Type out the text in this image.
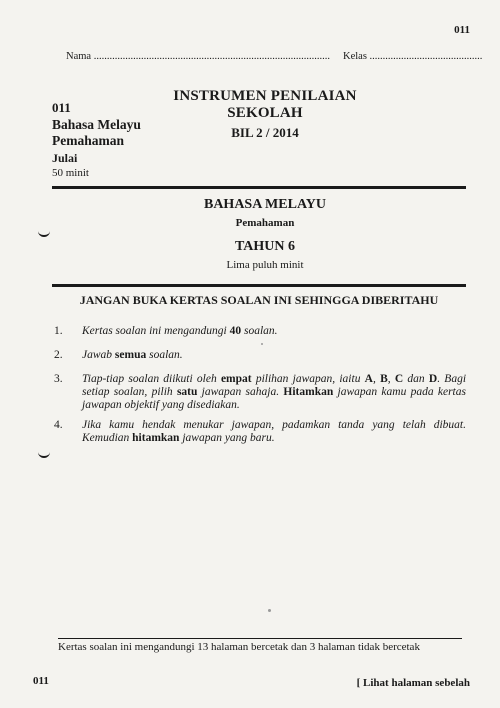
011
Nama .......................................................................................... Kelas ...........................................
011
Bahasa Melayu
Pemahaman
Julai
50 minit
INSTRUMEN PENILAIAN SEKOLAH
BIL 2 / 2014
BAHASA MELAYU
Pemahaman
TAHUN 6
Lima puluh minit
JANGAN BUKA KERTAS SOALAN INI SEHINGGA DIBERITAHU
1. Kertas soalan ini mengandungi 40 soalan.
2. Jawab semua soalan.
3. Tiap-tiap soalan diikuti oleh empat pilihan jawapan, iaitu A, B, C dan D. Bagi setiap soalan, pilih satu jawapan sahaja. Hitamkan jawapan kamu pada kertas jawapan objektif yang disediakan.
4. Jika kamu hendak menukar jawapan, padamkan tanda yang telah dibuat. Kemudian hitamkan jawapan yang baru.
Kertas soalan ini mengandungi 13 halaman bercetak dan 3 halaman tidak bercetak
011	[ Lihat halaman sebelah
